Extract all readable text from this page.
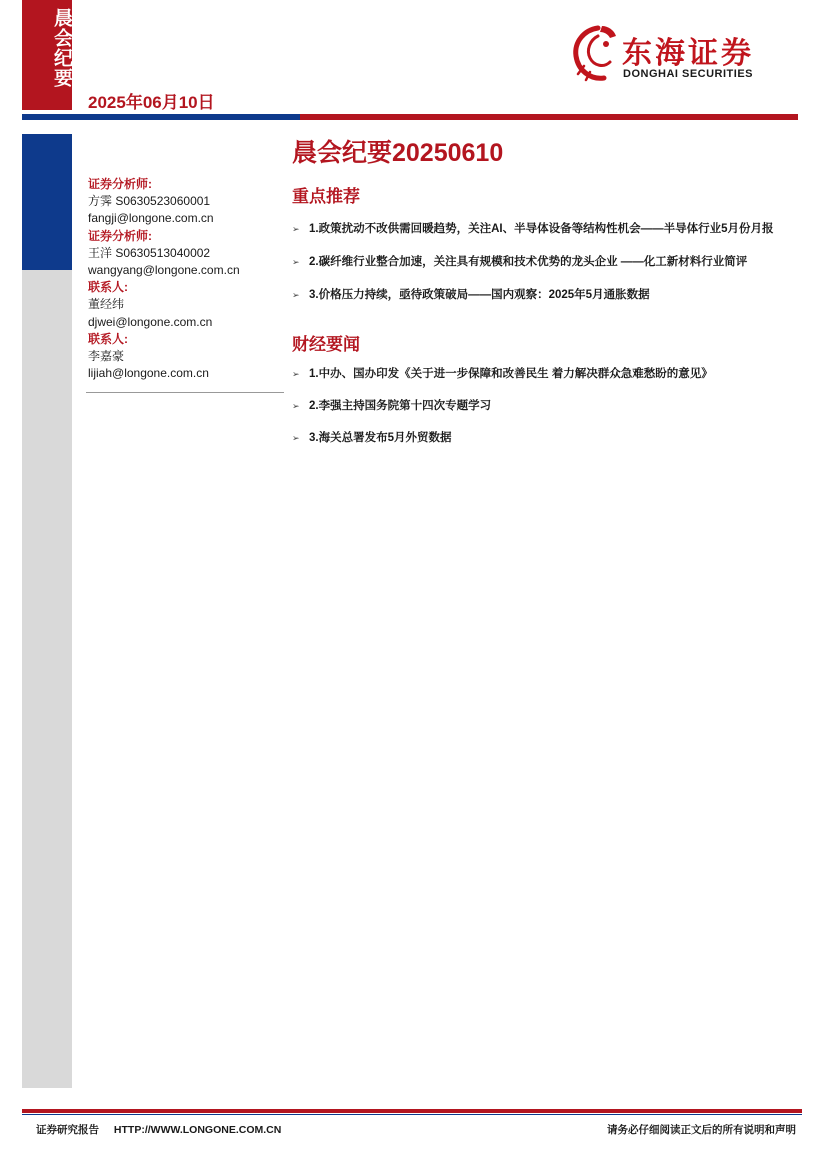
晨会纪要
2025年06月10日
东海证券
DONGHAI SECURITIES
证券分析师:
方霁 S0630523060001
fangji@longone.com.cn
证券分析师:
王洋 S0630513040002
wangyang@longone.com.cn
联系人:
董经纬
djwei@longone.com.cn
联系人:
李嘉豪
lijiah@longone.com.cn
晨会纪要20250610
重点推荐
➢ 1.政策扰动不改供需回暖趋势，关注AI、半导体设备等结构性机会——半导体行业5月份月报
➢ 2.碳纤维行业整合加速，关注具有规模和技术优势的龙头企业 ——化工新材料行业简评
➢ 3.价格压力持续，亟待政策破局——国内观察：2025年5月通胀数据
财经要闻
➢ 1.中办、国办印发《关于进一步保障和改善民生 着力解决群众急难愁盼的意见》
➢ 2.李强主持国务院第十四次专题学习
➢ 3.海关总署发布5月外贸数据
证券研究报告 HTTP://WWW.LONGONE.COM.CN	请务必仔细阅读正文后的所有说明和声明
